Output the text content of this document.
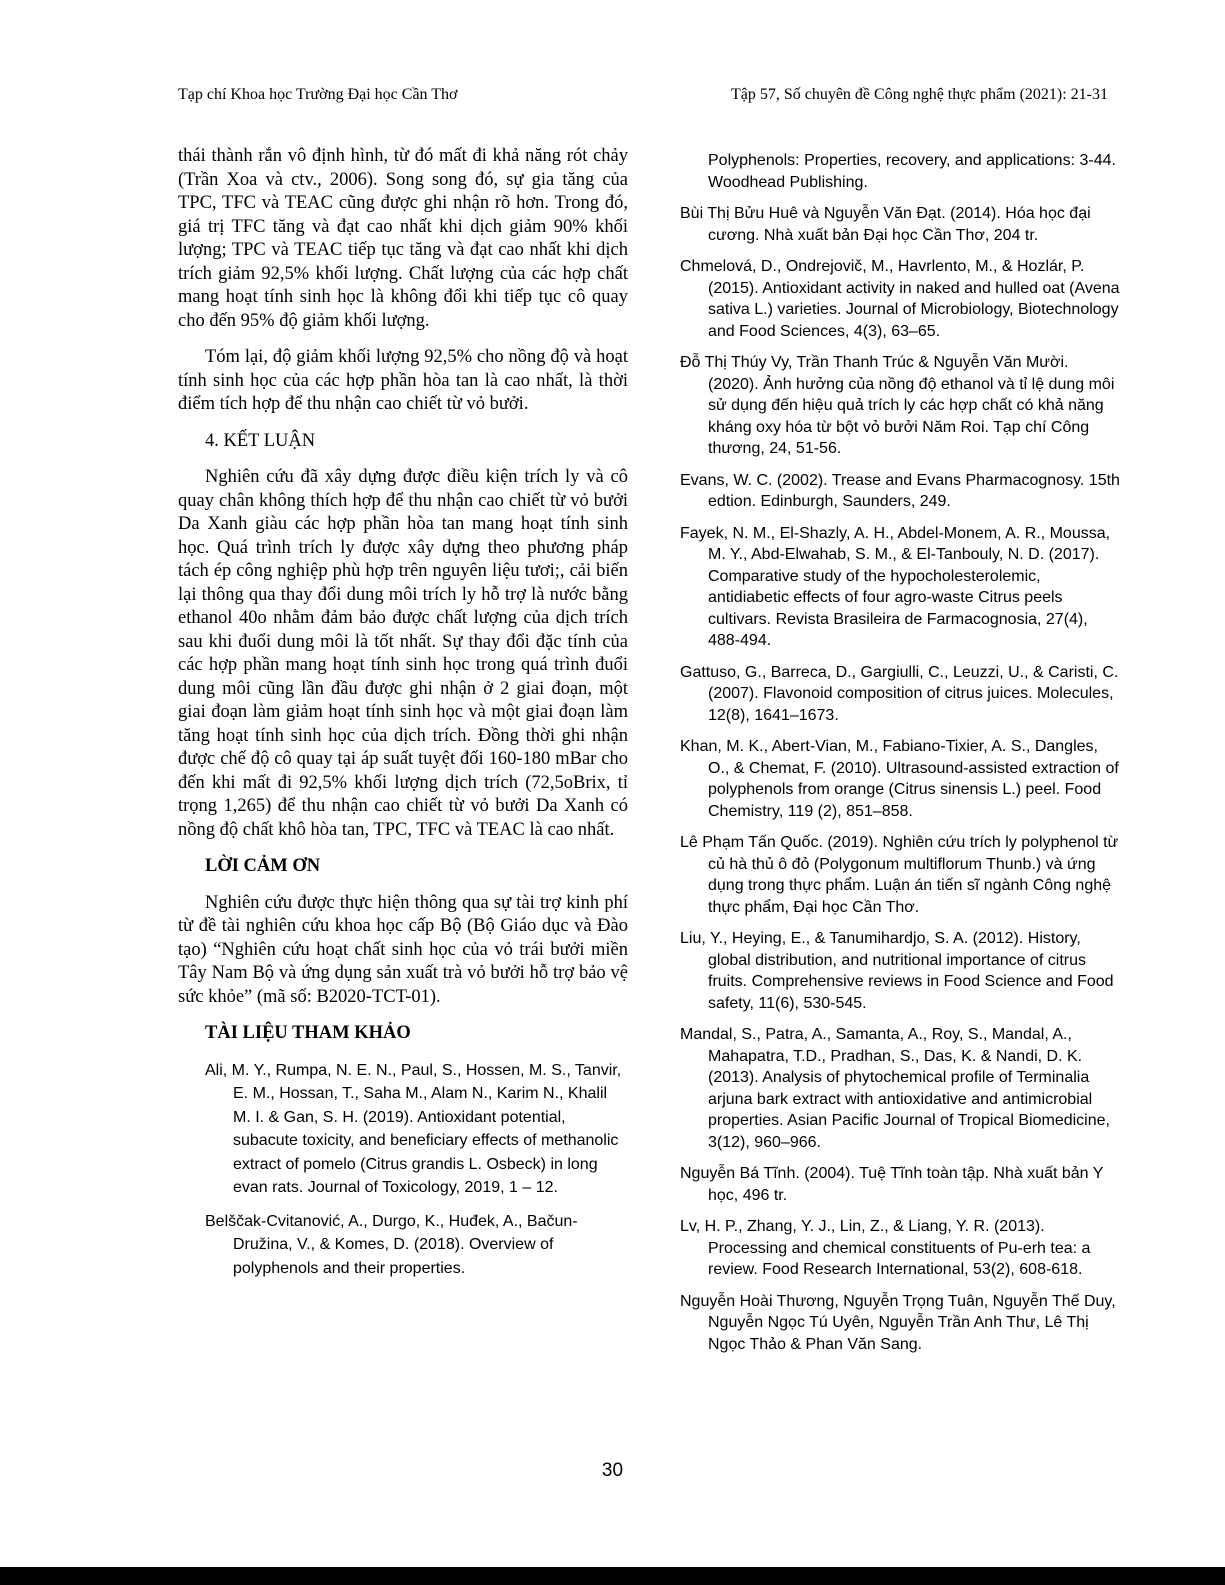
Tạp chí Khoa học Trường Đại học Cần Thơ	Tập 57, Số chuyên đề Công nghệ thực phẩm (2021): 21-31

thái thành rắn vô định hình, từ đó mất đi khả năng rót chảy (Trần Xoa và ctv., 2006). Song song đó, sự gia tăng của TPC, TFC và TEAC cũng được ghi nhận rõ hơn. Trong đó, giá trị TFC tăng và đạt cao nhất khi dịch giảm 90% khối lượng; TPC và TEAC tiếp tục tăng và đạt cao nhất khi dịch trích giảm 92,5% khối lượng. Chất lượng của các hợp chất mang hoạt tính sinh học là không đổi khi tiếp tục cô quay cho đến 95% độ giảm khối lượng.

Tóm lại, độ giảm khối lượng 92,5% cho nồng độ và hoạt tính sinh học của các hợp phần hòa tan là cao nhất, là thời điểm tích hợp để thu nhận cao chiết từ vỏ bưởi.

4. KẾT LUẬN

Nghiên cứu đã xây dựng được điều kiện trích ly và cô quay chân không thích hợp để thu nhận cao chiết từ vỏ bưởi Da Xanh giàu các hợp phần hòa tan mang hoạt tính sinh học. Quá trình trích ly được xây dựng theo phương pháp tách ép công nghiệp phù hợp trên nguyên liệu tươi;, cải biến lại thông qua thay đổi dung môi trích ly hỗ trợ là nước bằng ethanol 40o nhằm đảm bảo được chất lượng của dịch trích sau khi đuổi dung môi là tốt nhất. Sự thay đổi đặc tính của các hợp phần mang hoạt tính sinh học trong quá trình đuổi dung môi cũng lần đầu được ghi nhận ở 2 giai đoạn, một giai đoạn làm giảm hoạt tính sinh học và một giai đoạn làm tăng hoạt tính sinh học của dịch trích. Đồng thời ghi nhận được chế độ cô quay tại áp suất tuyệt đối 160-180 mBar cho đến khi mất đi 92,5% khối lượng dịch trích (72,5oBrix, tỉ trọng 1,265) để thu nhận cao chiết từ vỏ bưởi Da Xanh có nồng độ chất khô hòa tan, TPC, TFC và TEAC là cao nhất.

LỜI CẢM ƠN

Nghiên cứu được thực hiện thông qua sự tài trợ kinh phí từ đề tài nghiên cứu khoa học cấp Bộ (Bộ Giáo dục và Đào tạo) “Nghiên cứu hoạt chất sinh học của vỏ trái bưởi miền Tây Nam Bộ và ứng dụng sản xuất trà vỏ bưởi hỗ trợ bảo vệ sức khỏe” (mã số: B2020-TCT-01).

TÀI LIỆU THAM KHẢO

Ali, M. Y., Rumpa, N. E. N., Paul, S., Hossen, M. S., Tanvir, E. M., Hossan, T., Saha M., Alam N., Karim N., Khalil M. I. & Gan, S. H. (2019). Antioxidant potential, subacute toxicity, and beneficiary effects of methanolic extract of pomelo (Citrus grandis L. Osbeck) in long evan rats. Journal of Toxicology, 2019, 1 – 12.

Belščak-Cvitanović, A., Durgo, K., Huđek, A., Bačun-Družina, V., & Komes, D. (2018). Overview of polyphenols and their properties.

Polyphenols: Properties, recovery, and applications: 3-44. Woodhead Publishing.

Bùi Thị Bửu Huê và Nguyễn Văn Đạt. (2014). Hóa học đại cương. Nhà xuất bản Đại học Cần Thơ, 204 tr.

Chmelová, D., Ondrejovič, M., Havrlento, M., & Hozlár, P. (2015). Antioxidant activity in naked and hulled oat (Avena sativa L.) varieties. Journal of Microbiology, Biotechnology and Food Sciences, 4(3), 63–65.

Đỗ Thị Thúy Vy, Trần Thanh Trúc & Nguyễn Văn Mười. (2020). Ảnh hưởng của nồng độ ethanol và tỉ lệ dung môi sử dụng đến hiệu quả trích ly các hợp chất có khả năng kháng oxy hóa từ bột vỏ bưởi Năm Roi. Tạp chí Công thương, 24, 51-56.

Evans, W. C. (2002). Trease and Evans Pharmacognosy. 15th edtion. Edinburgh, Saunders, 249.

Fayek, N. M., El-Shazly, A. H., Abdel-Monem, A. R., Moussa, M. Y., Abd-Elwahab, S. M., & El-Tanbouly, N. D. (2017). Comparative study of the hypocholesterolemic, antidiabetic effects of four agro-waste Citrus peels cultivars. Revista Brasileira de Farmacognosia, 27(4), 488-494.

Gattuso, G., Barreca, D., Gargiulli, C., Leuzzi, U., & Caristi, C. (2007). Flavonoid composition of citrus juices. Molecules, 12(8), 1641–1673.

Khan, M. K., Abert-Vian, M., Fabiano-Tixier, A. S., Dangles, O., & Chemat, F. (2010). Ultrasound-assisted extraction of polyphenols from orange (Citrus sinensis L.) peel. Food Chemistry, 119 (2), 851–858.

Lê Phạm Tấn Quốc. (2019). Nghiên cứu trích ly polyphenol từ củ hà thủ ô đỏ (Polygonum multiflorum Thunb.) và ứng dụng trong thực phẩm. Luận án tiến sĩ ngành Công nghệ thực phẩm, Đại học Cần Thơ.

Liu, Y., Heying, E., & Tanumihardjo, S. A. (2012). History, global distribution, and nutritional importance of citrus fruits. Comprehensive reviews in Food Science and Food safety, 11(6), 530-545.

Mandal, S., Patra, A., Samanta, A., Roy, S., Mandal, A., Mahapatra, T.D., Pradhan, S., Das, K. & Nandi, D. K. (2013). Analysis of phytochemical profile of Terminalia arjuna bark extract with antioxidative and antimicrobial properties. Asian Pacific Journal of Tropical Biomedicine, 3(12), 960–966.

Nguyễn Bá Tĩnh. (2004). Tuệ Tĩnh toàn tập. Nhà xuất bản Y học, 496 tr.

Lv, H. P., Zhang, Y. J., Lin, Z., & Liang, Y. R. (2013). Processing and chemical constituents of Pu-erh tea: a review. Food Research International, 53(2), 608-618.

Nguyễn Hoài Thương, Nguyễn Trọng Tuân, Nguyễn Thế Duy, Nguyễn Ngọc Tú Uyên, Nguyễn Trần Anh Thư, Lê Thị Ngọc Thảo & Phan Văn Sang.

30
